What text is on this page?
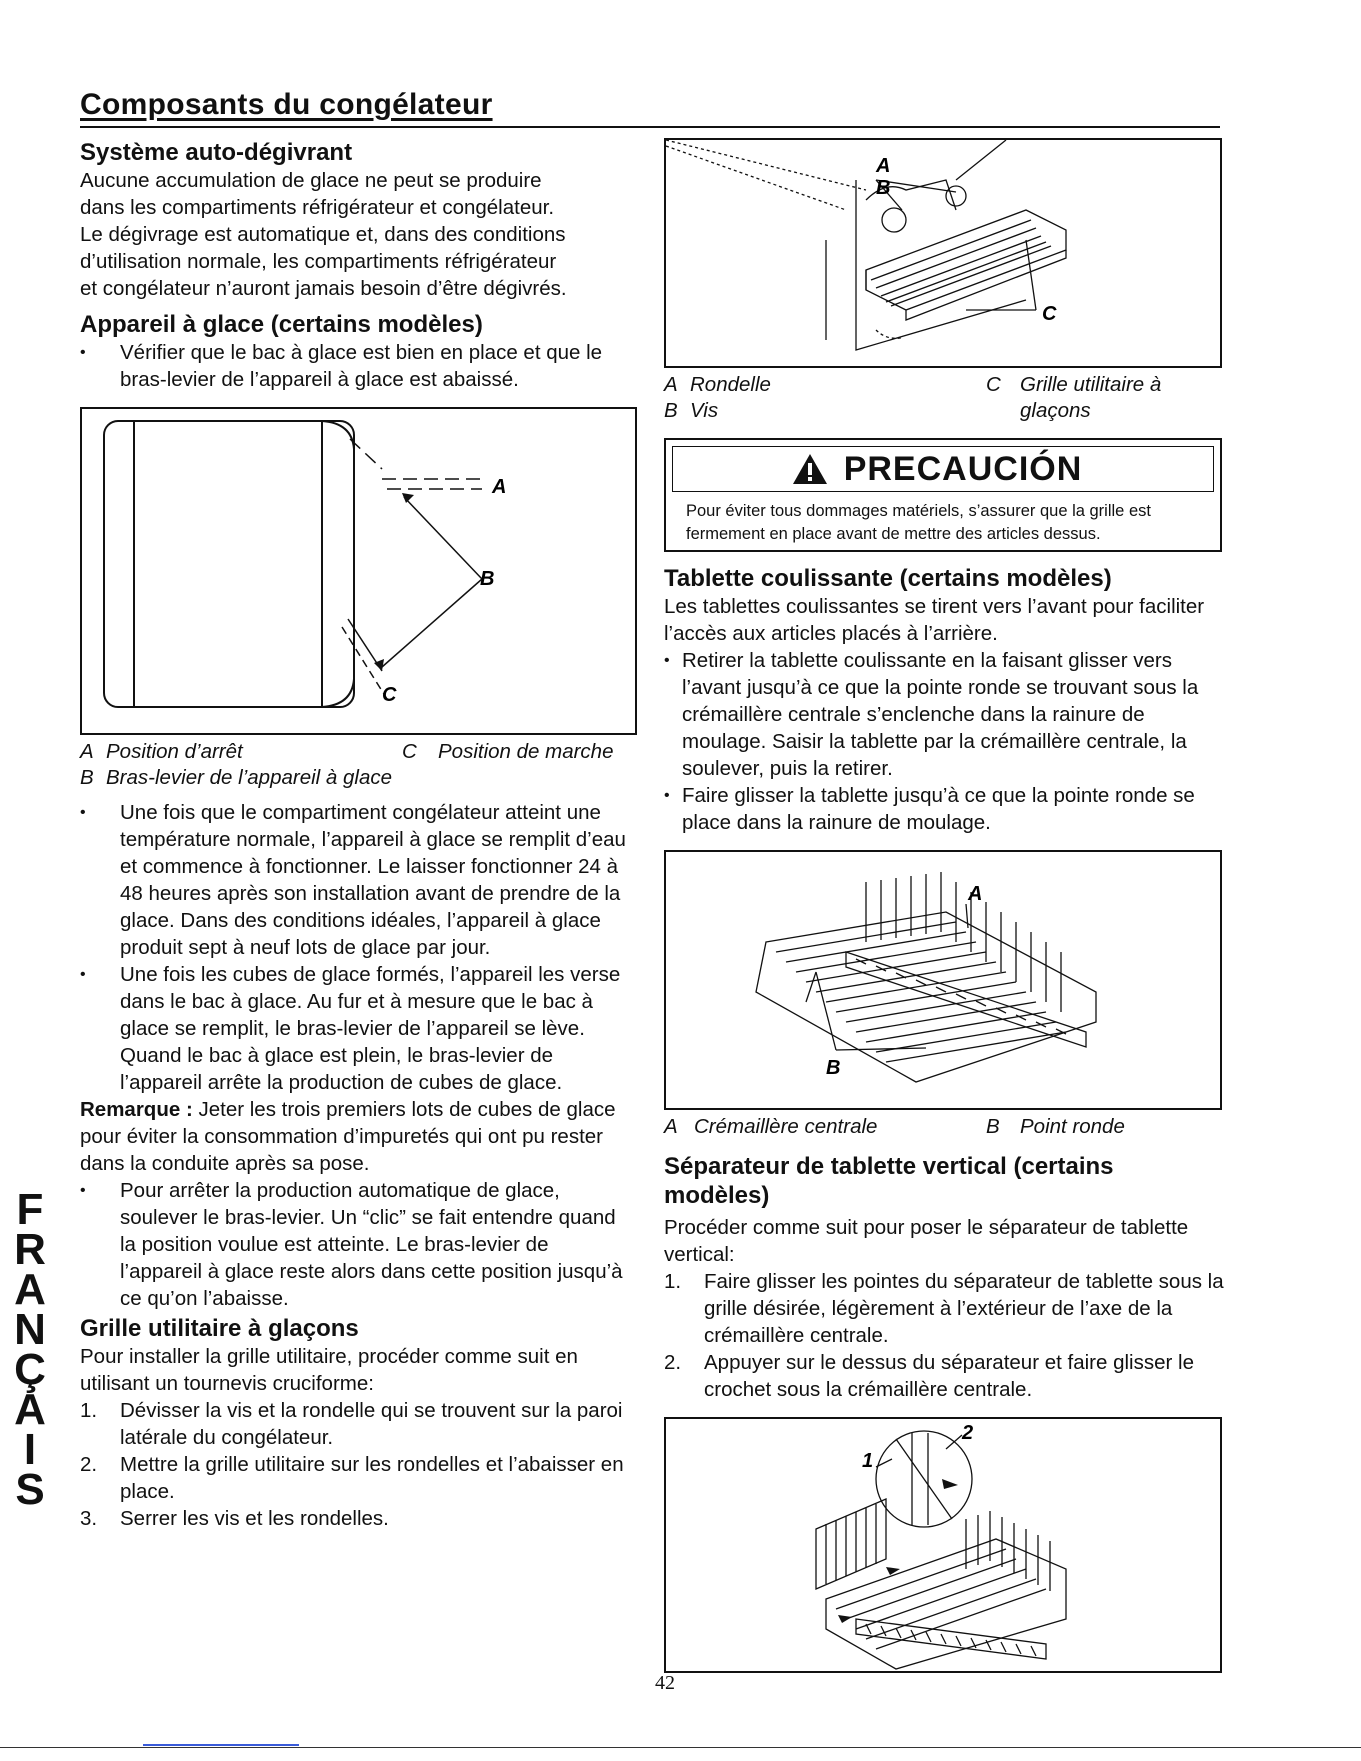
Composants du congélateur
Système auto-dégivrant

Aucune accumulation de glace ne peut se produire

dans les compartiments réfrigérateur et congélateur.

Le dégivrage est automatique et, dans des conditions

d’utilisation normale, les compartiments réfrigérateur

et congélateur n’auront jamais besoin d’être dégivrés.

Appareil à glace (certains modèles)
• Vérifier que le bac à glace est bien en place et que le bras-levier de l’appareil à glace est abaissé.
A
B
C
A Position d’arrêt	C Position de marche
B Bras-levier de l’appareil à glace
• Une fois que le compartiment congélateur atteint une température normale, l’appareil à glace se remplit d’eau et commence à fonctionner. Le laisser fonctionner 24 à 48 heures après son installation avant de prendre de la glace. Dans des conditions idéales, l’appareil à glace produit sept à neuf lots de glace par jour.
• Une fois les cubes de glace formés, l’appareil les verse dans le bac à glace. Au fur et à mesure que le bac à glace se remplit, le bras-levier de l’appareil se lève. Quand le bac à glace est plein, le bras-levier de l’appareil arrête la production de cubes de glace.

Remarque : Jeter les trois premiers lots de cubes de glace pour éviter la consommation d’impuretés qui ont pu rester dans la conduite après sa pose.

• Pour arrêter la production automatique de glace, soulever le bras-levier. Un “clic” se fait entendre quand la position voulue est atteinte. Le bras-levier de l’appareil à glace reste alors dans cette position jusqu’à ce qu’on l’abaisse.
Grille utilitaire à glaçons

Pour installer la grille utilitaire, procéder comme suit en utilisant un tournevis cruciforme:

1. Dévisser la vis et la rondelle qui se trouvent sur la paroi latérale du congélateur.
2. Mettre la grille utilitaire sur les rondelles et l’abaisser en place.
3. Serrer les vis et les rondelles.
A
B
C
A Rondelle	C Grille utilitaire à
B Vis	glaçons
PRECAUCIÓN
Pour éviter tous dommages matériels, s’assurer que la grille est fermement en place avant de mettre des articles dessus.
Tablette coulissante (certains modèles)

Les tablettes coulissantes se tirent vers l’avant pour faciliter l’accès aux articles placés à l’arrière.

• Retirer la tablette coulissante en la faisant glisser vers l’avant jusqu’à ce que la pointe ronde se trouvant sous la crémaillère centrale s’enclenche dans la rainure de moulage. Saisir la tablette par la crémaillère centrale, la soulever, puis la retirer.
• Faire glisser la tablette jusqu’à ce que la pointe ronde se place dans la rainure de moulage.
A
B
A Crémaillère centrale	B Point ronde
Séparateur de tablette vertical (certains modèles)

Procéder comme suit pour poser le séparateur de tablette vertical:

1. Faire glisser les pointes du séparateur de tablette sous la grille désirée, légèrement à l’extérieur de l’axe de la crémaillère centrale.
2. Appuyer sur le dessus du séparateur et faire glisser le crochet sous la crémaillère centrale.
2
1
F
R
A
N
Ç
A
I
S
42
